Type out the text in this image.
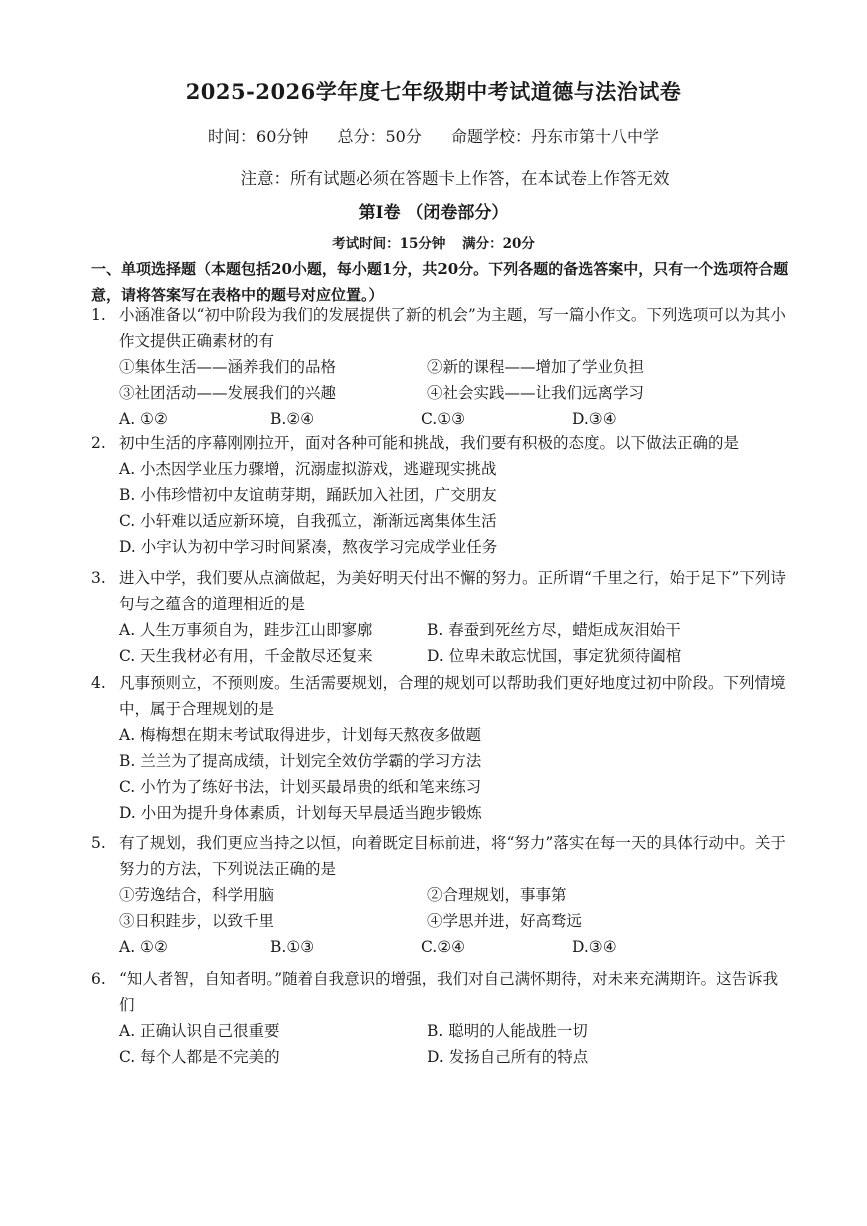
2025-2026学年度七年级期中考试道德与法治试卷
时间：60分钟 总分：50分 命题学校：丹东市第十八中学
注意：所有试题必须在答题卡上作答，在本试卷上作答无效
第Ⅰ卷 （闭卷部分）
考试时间：15分钟 满分：20分
一、单项选择题（本题包括20小题，每小题1分，共20分。下列各题的备选答案中，只有一个选项符合题意，请将答案写在表格中的题号对应位置。）
1. 小涵准备以“初中阶段为我们的发展提供了新的机会”为主题，写一篇小作文。下列选项可以为其小作文提供正确素材的有
①集体生活——涵养我们的品格	②新的课程——增加了学业负担
③社团活动——发展我们的兴趣	④社会实践——让我们远离学习
A. ①②	B.②④	C.①③	D.③④
2. 初中生活的序幕刚刚拉开，面对各种可能和挑战，我们要有积极的态度。以下做法正确的是
A. 小杰因学业压力骤增，沉溺虚拟游戏，逃避现实挑战
B. 小伟珍惜初中友谊萌芽期，踊跃加入社团，广交朋友
C. 小轩难以适应新环境，自我孤立，渐渐远离集体生活
D. 小宇认为初中学习时间紧凑，熬夜学习完成学业任务
3. 进入中学，我们要从点滴做起，为美好明天付出不懈的努力。正所谓“千里之行，始于足下”下列诗句与之蕴含的道理相近的是
A. 人生万事须自为，跬步江山即寥廓	B. 春蚕到死丝方尽，蜡炬成灰泪始干
C. 天生我材必有用，千金散尽还复来	D. 位卑未敢忘忧国，事定犹须待阖棺
4. 凡事预则立，不预则废。生活需要规划，合理的规划可以帮助我们更好地度过初中阶段。下列情境中，属于合理规划的是
A. 梅梅想在期末考试取得进步，计划每天熬夜多做题
B. 兰兰为了提高成绩，计划完全效仿学霸的学习方法
C. 小竹为了练好书法，计划买最昂贵的纸和笔来练习
D. 小田为提升身体素质，计划每天早晨适当跑步锻炼
5. 有了规划，我们更应当持之以恒，向着既定目标前进，将“努力”落实在每一天的具体行动中。关于努力的方法，下列说法正确的是
①劳逸结合，科学用脑	②合理规划，事事第
③日积跬步，以致千里	④学思并进，好高骛远
A. ①②	B.①③	C.②④	D.③④
6. “知人者智，自知者明。”随着自我意识的增强，我们对自己满怀期待，对未来充满期许。这告诉我们
A. 正确认识自己很重要	B. 聪明的人能战胜一切
C. 每个人都是不完美的	D. 发扬自己所有的特点
